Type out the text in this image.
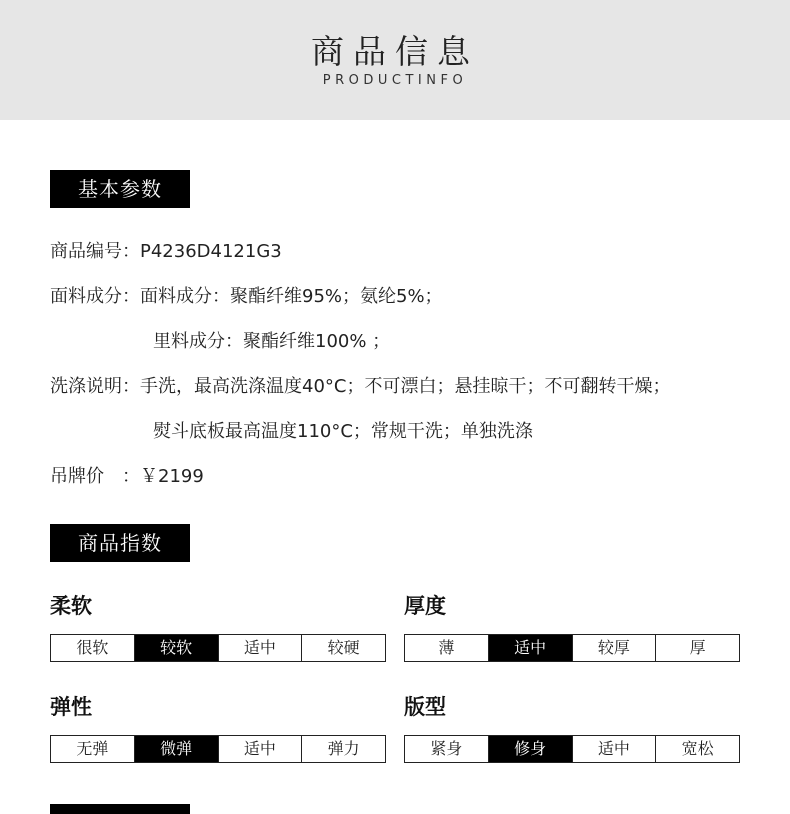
商品信息
PRODUCTINFO
基本参数
商品编号：P4236D4121G3
面料成分：面料成分：聚酯纤维95%；氨纶5%；
里料成分：聚酯纤维100% ；
洗涤说明：手洗，最高洗涤温度40°C；不可漂白；悬挂晾干；不可翻转干燥；
熨斗底板最高温度110°C；常规干洗；单独洗涤
吊牌价　：￥2199
商品指数
柔软
很软	较软	适中	较硬
厚度
薄	适中	较厚	厚
弹性
无弹	微弹	适中	弹力
版型
紧身	修身	适中	宽松
